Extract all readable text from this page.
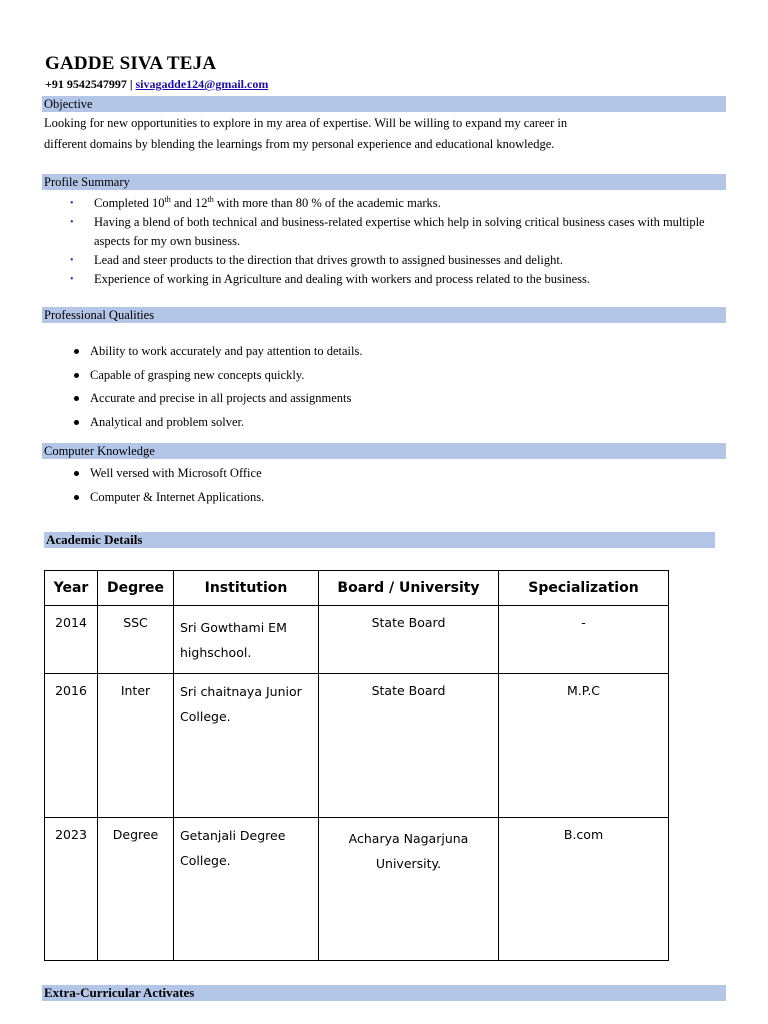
GADDE SIVA TEJA
+91 9542547997 | sivagadde124@gmail.com
Objective
Looking for new opportunities to explore in my area of expertise. Will be willing to expand my career in
different domains by blending the learnings from my personal experience and educational knowledge.
Profile Summary
• Completed 10th and 12th with more than 80 % of the academic marks.
• Having a blend of both technical and business-related expertise which help in solving critical business cases with multiple aspects for my own business.
• Lead and steer products to the direction that drives growth to assigned businesses and delight.
• Experience of working in Agriculture and dealing with workers and process related to the business.
Professional Qualities
Ability to work accurately and pay attention to details.
Capable of grasping new concepts quickly.
Accurate and precise in all projects and assignments
Analytical and problem solver.
Computer Knowledge
Well versed with Microsoft Office
Computer & Internet Applications.
Academic Details
Year	Degree	Institution	Board / University	Specialization
2014	SSC	Sri Gowthami EM highschool.	State Board	-
2016	Inter	Sri chaitnaya Junior College.	State Board	M.P.C
2023	Degree	Getanjali Degree College.	Acharya Nagarjuna University.	B.com
Extra-Curricular Activates
